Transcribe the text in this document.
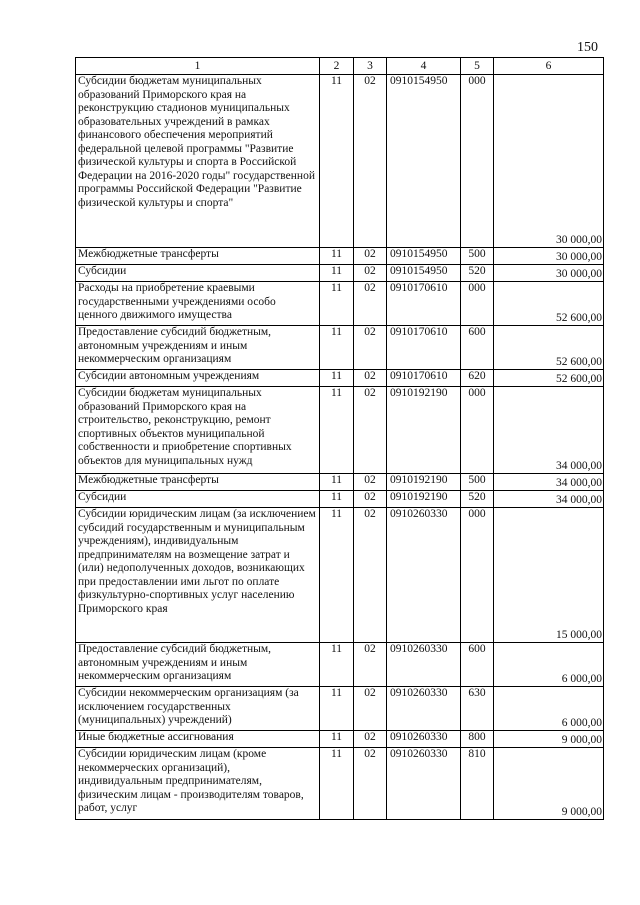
150
1	2	3	4	5	6
Субсидии бюджетам муниципальных образований Приморского края на реконструкцию стадионов муниципальных образовательных учреждений в рамках финансового обеспечения мероприятий федеральной целевой программы "Развитие физической культуры и спорта в Российской Федерации на 2016-2020 годы" государственной программы Российской Федерации "Развитие физической культуры и спорта"	11	02	0910154950	000	30 000,00
Межбюджетные трансферты	11	02	0910154950	500	30 000,00
Субсидии	11	02	0910154950	520	30 000,00
Расходы на приобретение краевыми государственными учреждениями особо ценного движимого имущества	11	02	0910170610	000	52 600,00
Предоставление субсидий бюджетным, автономным учреждениям и иным некоммерческим организациям	11	02	0910170610	600	52 600,00
Субсидии автономным учреждениям	11	02	0910170610	620	52 600,00
Субсидии бюджетам муниципальных образований Приморского края на строительство, реконструкцию, ремонт спортивных объектов муниципальной собственности и приобретение спортивных объектов для муниципальных нужд	11	02	0910192190	000	34 000,00
Межбюджетные трансферты	11	02	0910192190	500	34 000,00
Субсидии	11	02	0910192190	520	34 000,00
Субсидии юридическим лицам (за исключением субсидий государственным и муниципальным учреждениям), индивидуальным предпринимателям на возмещение затрат и (или) недополученных доходов, возникающих при предоставлении ими льгот по оплате физкультурно-спортивных услуг населению Приморского края	11	02	0910260330	000	15 000,00
Предоставление субсидий бюджетным, автономным учреждениям и иным некоммерческим организациям	11	02	0910260330	600	6 000,00
Субсидии некоммерческим организациям (за исключением государственных (муниципальных) учреждений)	11	02	0910260330	630	6 000,00
Иные бюджетные ассигнования	11	02	0910260330	800	9 000,00
Субсидии юридическим лицам (кроме некоммерческих организаций), индивидуальным предпринимателям, физическим лицам - производителям товаров, работ, услуг	11	02	0910260330	810	9 000,00
